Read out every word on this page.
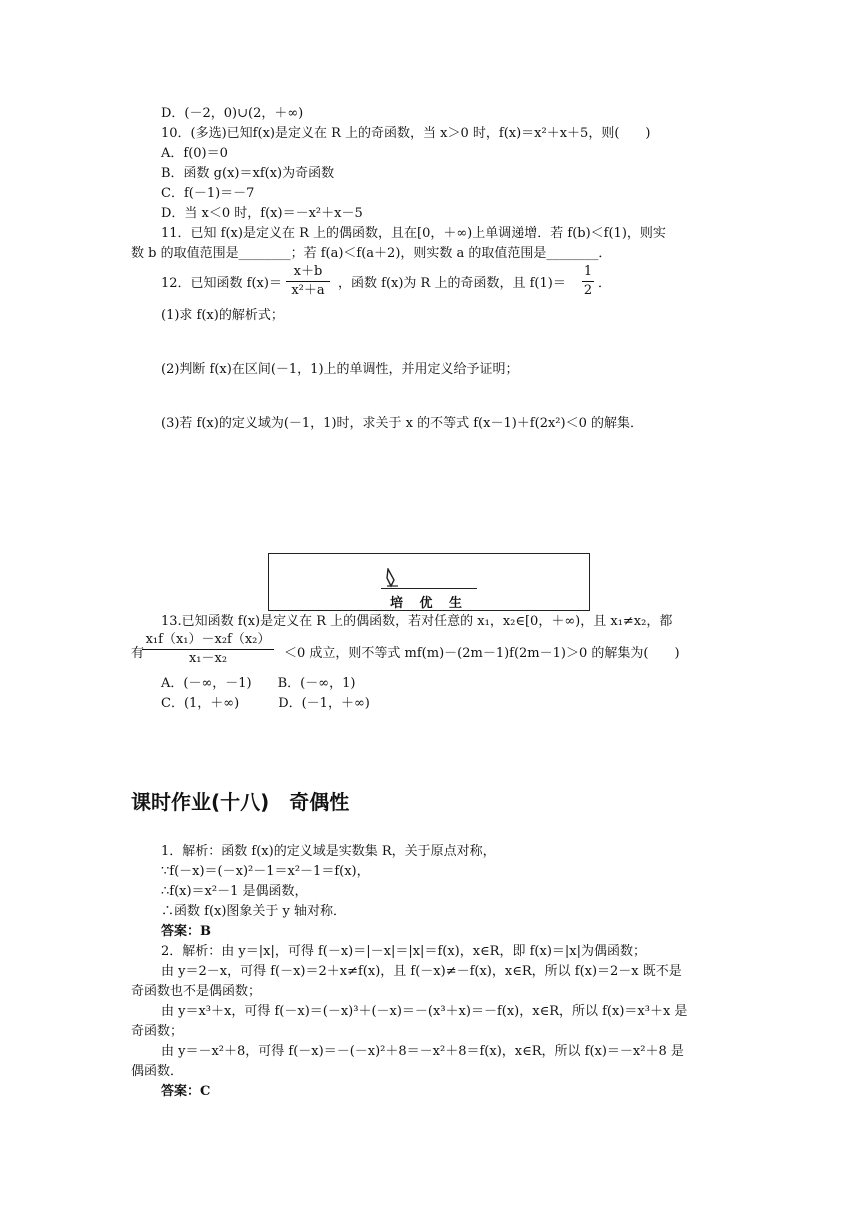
D．(－2，0)∪(2，＋∞)
10．(多选)已知f(x)是定义在 R 上的奇函数，当 x＞0 时，f(x)＝x²＋x＋5，则(　　)
A．f(0)＝0
B．函数 g(x)＝xf(x)为奇函数
C．f(－1)＝－7
D．当 x＜0 时，f(x)＝－x²＋x－5
11．已知 f(x)是定义在 R 上的偶函数，且在[0，＋∞)上单调递增．若 f(b)＜f(1)，则实
数 b 的取值范围是________；若 f(a)＜f(a＋2)，则实数 a 的取值范围是________．
12．已知函数 f(x)＝
x＋b
x²＋a	，函数 f(x)为 R 上的奇函数，且 f(1)＝
1
2 ．
(1)求 f(x)的解析式；
(2)判断 f(x)在区间(－1，1)上的单调性，并用定义给予证明；
(3)若 f(x)的定义域为(－1，1)时，求关于 x 的不等式 f(x－1)＋f(2x²)＜0 的解集．
培 优 生
13.已知函数 f(x)是定义在 R 上的偶函数，若对任意的 x₁，x₂∈[0，＋∞)，且 x₁≠x₂，都
有
x₁f（x₁）－x₂f（x₂）
x₁－x₂	＜0 成立，则不等式 mf(m)－(2m－1)f(2m－1)＞0 的解集为(　　)
A．(－∞，－1)　　B．(－∞，1)
C．(1，＋∞)　　　D．(－1，＋∞)
课时作业(十八)　奇偶性
1．解析：函数 f(x)的定义域是实数集 R，关于原点对称，
∵f(－x)＝(－x)²－1＝x²－1＝f(x)，
∴f(x)＝x²－1 是偶函数，
∴函数 f(x)图象关于 y 轴对称．
答案：B
2．解析：由 y＝|x|，可得 f(－x)＝|－x|＝|x|＝f(x)，x∈R，即 f(x)＝|x|为偶函数；
由 y＝2－x，可得 f(－x)＝2＋x≠f(x)，且 f(－x)≠－f(x)，x∈R，所以 f(x)＝2－x 既不是
奇函数也不是偶函数；
由 y＝x³＋x，可得 f(－x)＝(－x)³＋(－x)＝－(x³＋x)＝－f(x)，x∈R，所以 f(x)＝x³＋x 是
奇函数；
由 y＝－x²＋8，可得 f(－x)＝－(－x)²＋8＝－x²＋8＝f(x)，x∈R，所以 f(x)＝－x²＋8 是
偶函数．
答案：C
